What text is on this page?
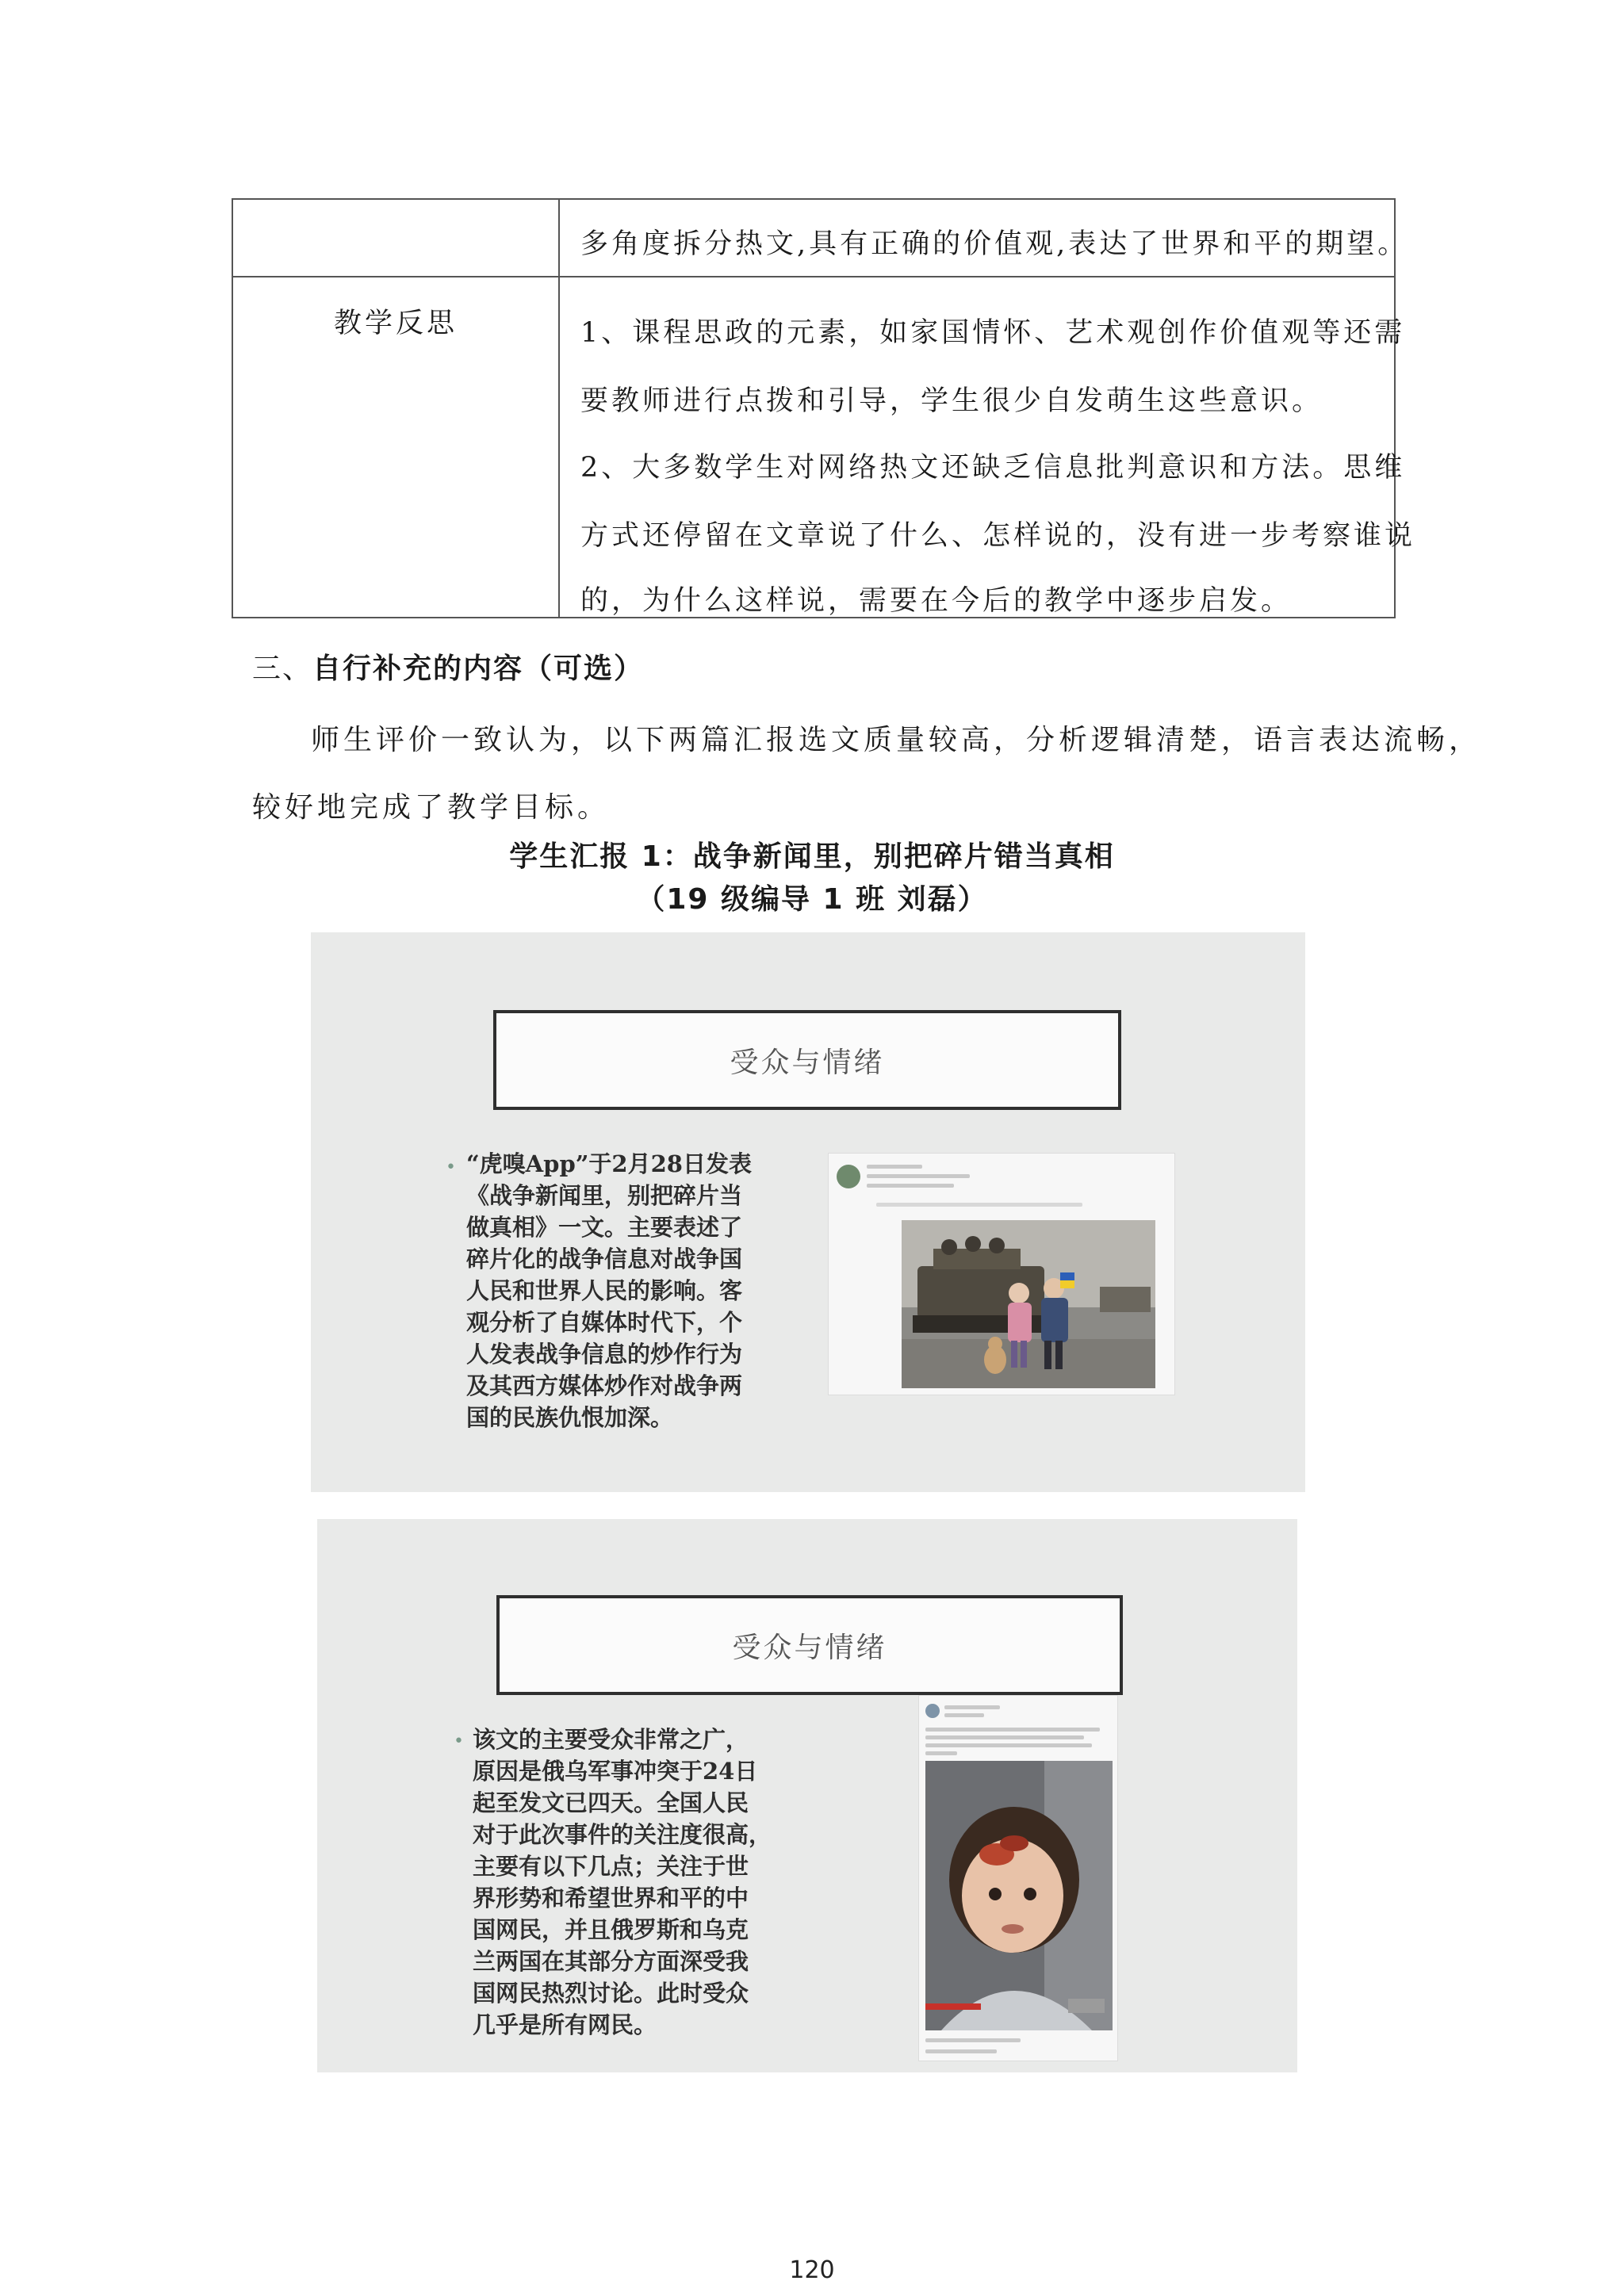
多角度拆分热文,具有正确的价值观,表达了世界和平的期望。
教学反思	1、课程思政的元素，如家国情怀、艺术观创作价值观等还需
要教师进行点拨和引导，学生很少自发萌生这些意识。
2、大多数学生对网络热文还缺乏信息批判意识和方法。思维
方式还停留在文章说了什么、怎样说的，没有进一步考察谁说
的，为什么这样说，需要在今后的教学中逐步启发。
三、自行补充的内容（可选）
师生评价一致认为，以下两篇汇报选文质量较高，分析逻辑清楚，语言表达流畅，
较好地完成了教学目标。
学生汇报 1：战争新闻里，别把碎片错当真相
（19 级编导 1 班 刘磊）
受众与情绪
• “虎嗅App”于2月28日发表
《战争新闻里，别把碎片当
做真相》一文。主要表述了
碎片化的战争信息对战争国
人民和世界人民的影响。客
观分析了自媒体时代下，个
人发表战争信息的炒作行为
及其西方媒体炒作对战争两
国的民族仇恨加深。
受众与情绪
• 该文的主要受众非常之广，
原因是俄乌军事冲突于24日
起至发文已四天。全国人民
对于此次事件的关注度很高，
主要有以下几点；关注于世
界形势和希望世界和平的中
国网民，并且俄罗斯和乌克
兰两国在其部分方面深受我
国网民热烈讨论。此时受众
几乎是所有网民。
120
